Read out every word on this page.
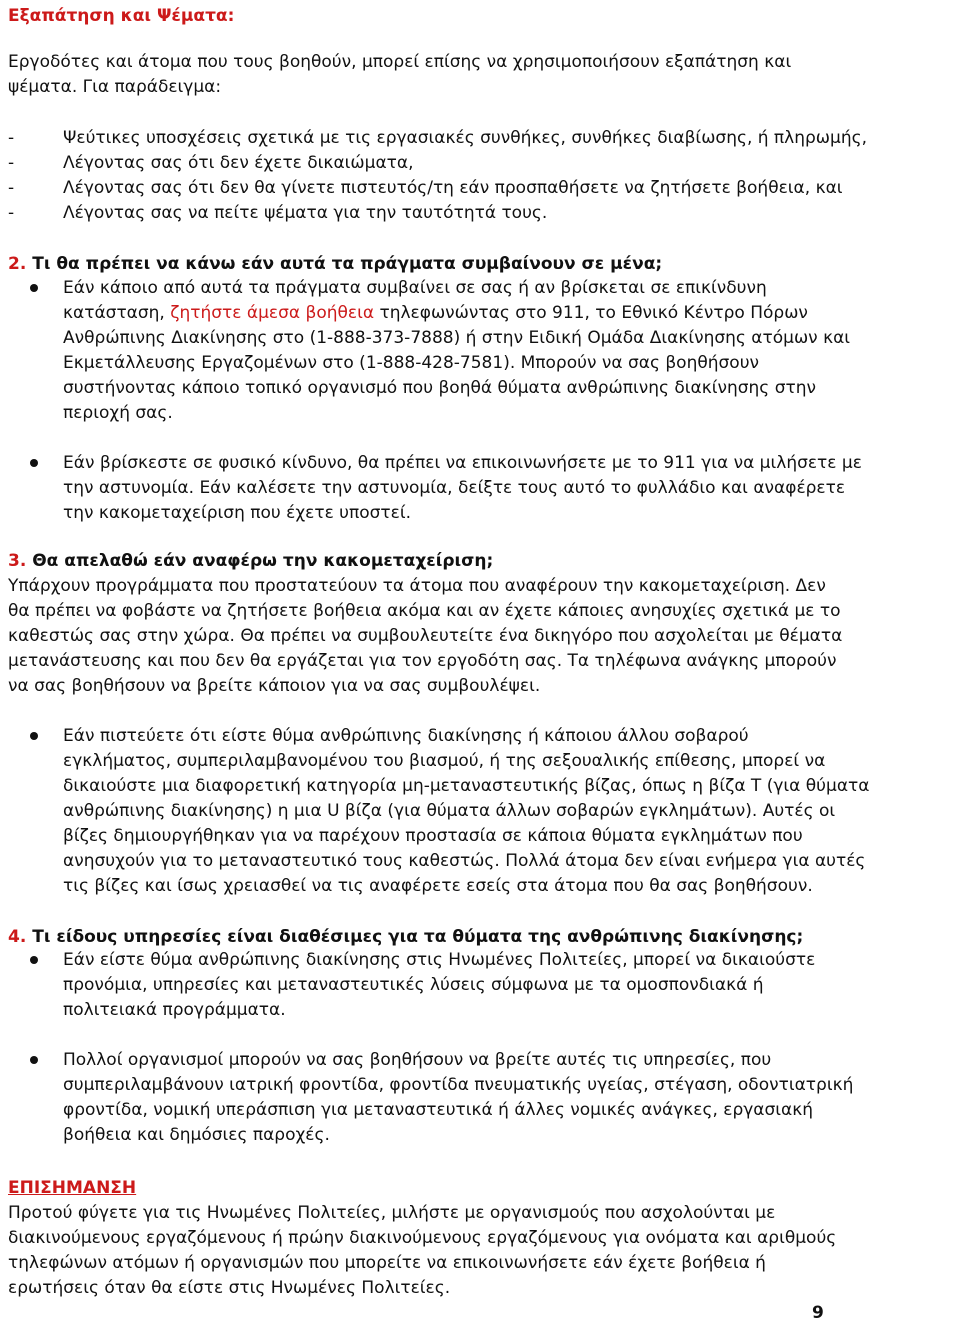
Εξαπάτηση και Ψέματα:
Εργοδότες και άτομα που τους βοηθούν, μπορεί επίσης να χρησιμοποιήσουν εξαπάτηση και
ψέματα. Για παράδειγμα:
-	Ψεύτικες υποσχέσεις σχετικά με τις εργασιακές συνθήκες, συνθήκες διαβίωσης, ή πληρωμής,
-	Λέγοντας σας ότι δεν έχετε δικαιώματα,
-	Λέγοντας σας ότι δεν θα γίνετε πιστευτός/τη εάν προσπαθήσετε να ζητήσετε βοήθεια, και
-	Λέγοντας σας να πείτε ψέματα για την ταυτότητά τους.
2. Τι θα πρέπει να κάνω εάν αυτά τα πράγματα συμβαίνουν σε μένα;
Εάν κάποιο από αυτά τα πράγματα συμβαίνει σε σας ή αν βρίσκεται σε επικίνδυνη
κατάσταση, ζητήστε άμεσα βοήθεια τηλεφωνώντας στο 911, το Εθνικό Κέντρο Πόρων
Ανθρώπινης Διακίνησης στο (1-888-373-7888) ή στην Ειδική Ομάδα Διακίνησης ατόμων και
Εκμετάλλευσης Εργαζομένων στο (1-888-428-7581). Μπορούν να σας βοηθήσουν
συστήνοντας κάποιο τοπικό οργανισμό που βοηθά θύματα ανθρώπινης διακίνησης στην
περιοχή σας.
Εάν βρίσκεστε σε φυσικό κίνδυνο, θα πρέπει να επικοινωνήσετε με το 911 για να μιλήσετε με
την αστυνομία. Εάν καλέσετε την αστυνομία, δείξτε τους αυτό το φυλλάδιο και αναφέρετε
την κακομεταχείριση που έχετε υποστεί.
3. Θα απελαθώ εάν αναφέρω την κακομεταχείριση;
Υπάρχουν προγράμματα που προστατεύουν τα άτομα που αναφέρουν την κακομεταχείριση. Δεν
θα πρέπει να φοβάστε να ζητήσετε βοήθεια ακόμα και αν έχετε κάποιες ανησυχίες σχετικά με το
καθεστώς σας στην χώρα. Θα πρέπει να συμβουλευτείτε ένα δικηγόρο που ασχολείται με θέματα
μετανάστευσης και που δεν θα εργάζεται για τον εργοδότη σας. Τα τηλέφωνα ανάγκης μπορούν
να σας βοηθήσουν να βρείτε κάποιον για να σας συμβουλέψει.
Εάν πιστεύετε ότι είστε θύμα ανθρώπινης διακίνησης ή κάποιου άλλου σοβαρού
εγκλήματος, συμπεριλαμβανομένου του βιασμού, ή της σεξουαλικής επίθεσης, μπορεί να
δικαιούστε μια διαφορετική κατηγορία μη-μεταναστευτικής βίζας, όπως η βίζα T (για θύματα
ανθρώπινης διακίνησης) η μια U βίζα (για θύματα άλλων σοβαρών εγκλημάτων). Αυτές οι
βίζες δημιουργήθηκαν για να παρέχουν προστασία σε κάποια θύματα εγκλημάτων που
ανησυχούν για το μεταναστευτικό τους καθεστώς. Πολλά άτομα δεν είναι ενήμερα για αυτές
τις βίζες και ίσως χρειασθεί να τις αναφέρετε εσείς στα άτομα που θα σας βοηθήσουν.
4. Τι είδους υπηρεσίες είναι διαθέσιμες για τα θύματα της ανθρώπινης διακίνησης;
Εάν είστε θύμα ανθρώπινης διακίνησης στις Ηνωμένες Πολιτείες, μπορεί να δικαιούστε
προνόμια, υπηρεσίες και μεταναστευτικές λύσεις σύμφωνα με τα ομοσπονδιακά ή
πολιτειακά προγράμματα.
Πολλοί οργανισμοί μπορούν να σας βοηθήσουν να βρείτε αυτές τις υπηρεσίες, που
συμπεριλαμβάνουν ιατρική φροντίδα, φροντίδα πνευματικής υγείας, στέγαση, οδοντιατρική
φροντίδα, νομική υπεράσπιση για μεταναστευτικά ή άλλες νομικές ανάγκες, εργασιακή
βοήθεια και δημόσιες παροχές.
ΕΠΙΣΗΜΑΝΣΗ
Προτού φύγετε για τις Ηνωμένες Πολιτείες, μιλήστε με οργανισμούς που ασχολούνται με
διακινούμενους εργαζόμενους ή πρώην διακινούμενους εργαζόμενους για ονόματα και αριθμούς
τηλεφώνων ατόμων ή οργανισμών που μπορείτε να επικοινωνήσετε εάν έχετε βοήθεια ή
ερωτήσεις όταν θα είστε στις Ηνωμένες Πολιτείες.
9
